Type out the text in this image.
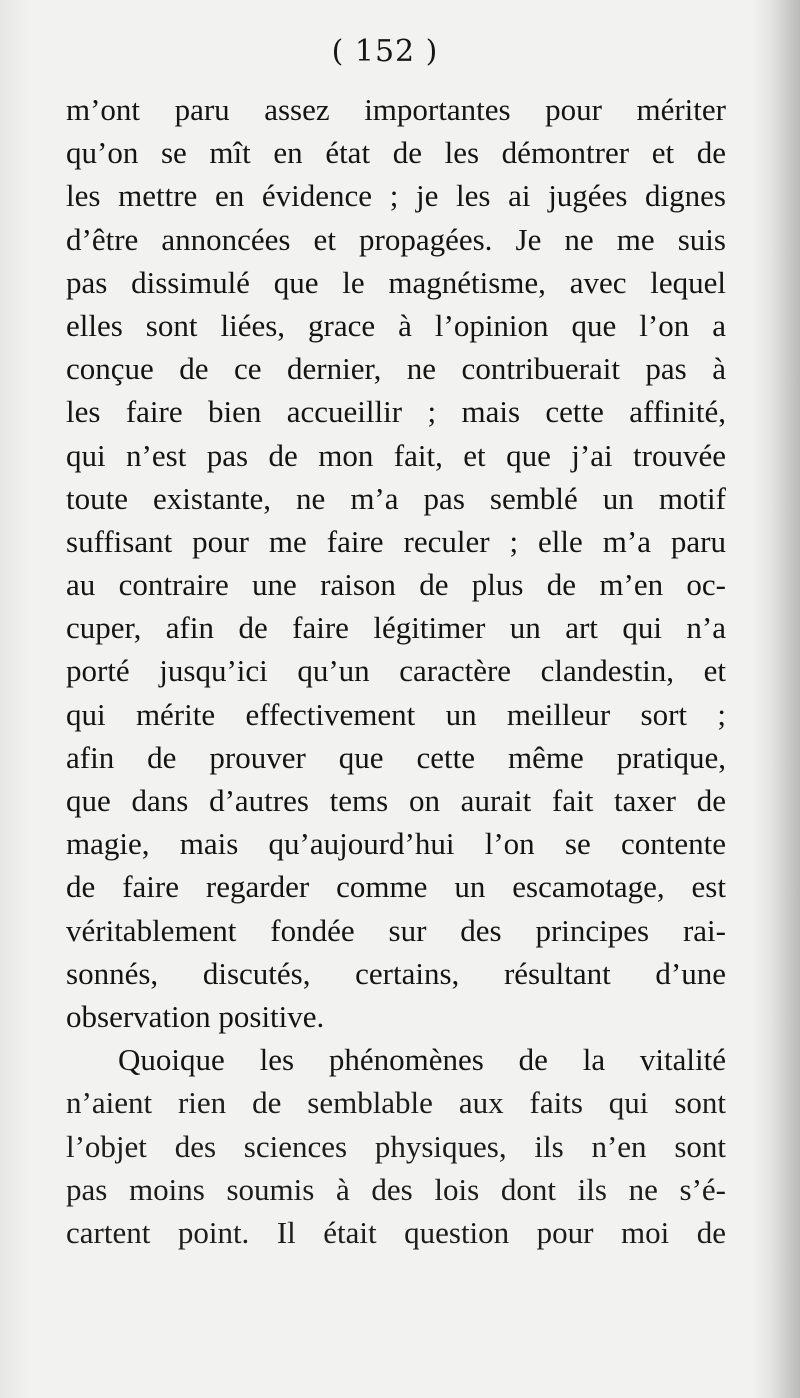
( 152 )
m’ont paru assez importantes pour mériter
qu’on se mît en état de les démontrer et de
les mettre en évidence ; je les ai jugées dignes
d’être annoncées et propagées. Je ne me suis
pas dissimulé que le magnétisme, avec lequel
elles sont liées, grace à l’opinion que l’on a
conçue de ce dernier, ne contribuerait pas à
les faire bien accueillir ; mais cette affinité,
qui n’est pas de mon fait, et que j’ai trouvée
toute existante, ne m’a pas semblé un motif
suffisant pour me faire reculer ; elle m’a paru
au contraire une raison de plus de m’en oc-
cuper, afin de faire légitimer un art qui n’a
porté jusqu’ici qu’un caractère clandestin, et
qui mérite effectivement un meilleur sort ;
afin de prouver que cette même pratique,
que dans d’autres tems on aurait fait taxer de
magie, mais qu’aujourd’hui l’on se contente
de faire regarder comme un escamotage, est
véritablement fondée sur des principes rai-
sonnés, discutés, certains, résultant d’une
observation positive.
Quoique les phénomènes de la vitalité
n’aient rien de semblable aux faits qui sont
l’objet des sciences physiques, ils n’en sont
pas moins soumis à des lois dont ils ne s’é-
cartent point. Il était question pour moi de
